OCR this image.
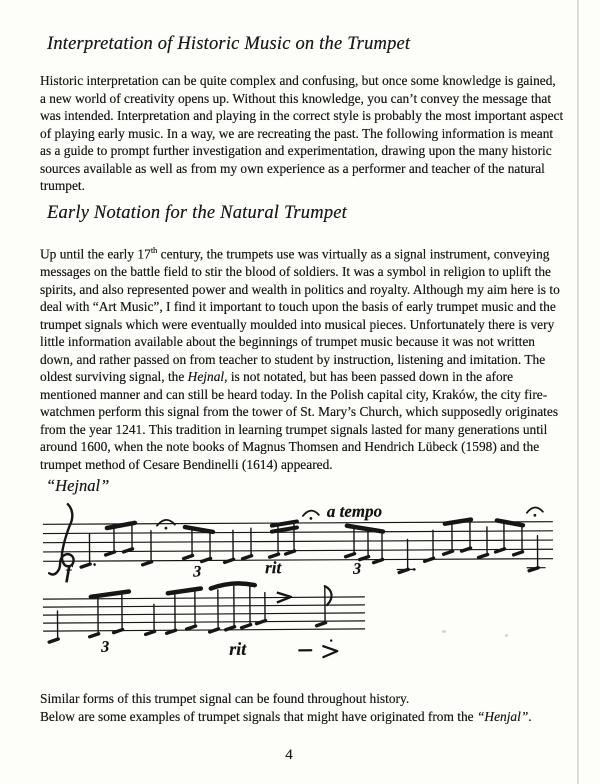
Interpretation of Historic Music on the Trumpet
Historic interpretation can be quite complex and confusing, but once some knowledge is gained,
a new world of creativity opens up. Without this knowledge, you can’t convey the message that
was intended. Interpretation and playing in the correct style is probably the most important aspect
of playing early music. In a way, we are recreating the past. The following information is meant
as a guide to prompt further investigation and experimentation, drawing upon the many historic
sources available as well as from my own experience as a performer and teacher of the natural
trumpet.
Early Notation for the Natural Trumpet
Up until the early 17th century, the trumpets use was virtually as a signal instrument, conveying
messages on the battle field to stir the blood of soldiers. It was a symbol in religion to uplift the
spirits, and also represented power and wealth in politics and royalty. Although my aim here is to
deal with “Art Music”, I find it important to touch upon the basis of early trumpet music and the
trumpet signals which were eventually moulded into musical pieces. Unfortunately there is very
little information available about the beginnings of trumpet music because it was not written
down, and rather passed on from teacher to student by instruction, listening and imitation. The
oldest surviving signal, the Hejnal, is not notated, but has been passed down in the afore
mentioned manner and can still be heard today. In the Polish capital city, Kraków, the city fire-
watchmen perform this signal from the tower of St. Mary’s Church, which supposedly originates
from the year 1241. This tradition in learning trumpet signals lasted for many generations until
around 1600, when the note books of Magnus Thomsen and Hendrich Lübeck (1598) and the
trumpet method of Cesare Bendinelli (1614) appeared.
“Hejnal”
f	3	rit
a tempo
3
3	rit
Similar forms of this trumpet signal can be found throughout history.
Below are some examples of trumpet signals that might have originated from the “Henjal”.
4
